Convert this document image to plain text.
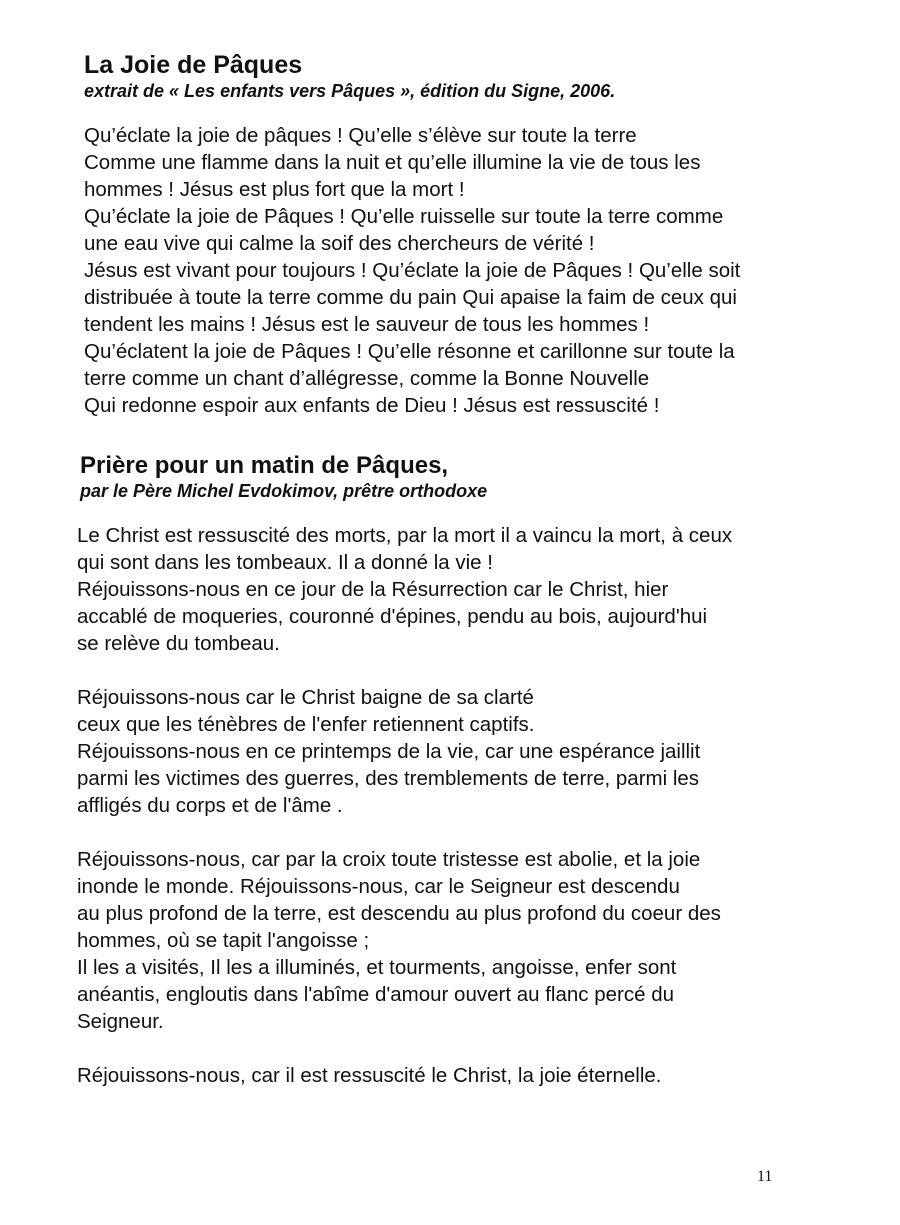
La Joie de Pâques
extrait de « Les enfants vers Pâques », édition du Signe, 2006.
Qu’éclate la joie de pâques ! Qu’elle s’élève sur toute la terre
Comme une flamme dans la nuit et qu’elle illumine la vie de tous les
hommes ! Jésus est plus fort que la mort !
Qu’éclate la joie de Pâques ! Qu’elle ruisselle sur toute la terre comme
une eau vive qui calme la soif des chercheurs de vérité !
Jésus est vivant pour toujours ! Qu’éclate la joie de Pâques ! Qu’elle soit
distribuée à toute la terre comme du pain Qui apaise la faim de ceux qui
tendent les mains ! Jésus est le sauveur de tous les hommes !
Qu’éclatent la joie de Pâques ! Qu’elle résonne et carillonne sur toute la
terre comme un chant d’allégresse, comme la Bonne Nouvelle
Qui redonne espoir aux enfants de Dieu ! Jésus est ressuscité !
Prière pour un matin de Pâques,
par le Père Michel Evdokimov, prêtre orthodoxe
Le Christ est ressuscité des morts, par la mort il a vaincu la mort, à ceux
qui sont dans les tombeaux. Il a donné la vie !
Réjouissons-nous en ce jour de la Résurrection car le Christ, hier
accablé de moqueries, couronné d'épines, pendu au bois, aujourd'hui
se relève du tombeau.
Réjouissons-nous car le Christ baigne de sa clarté
ceux que les ténèbres de l'enfer retiennent captifs.
Réjouissons-nous en ce printemps de la vie, car une espérance jaillit
parmi les victimes des guerres, des tremblements de terre, parmi les
affligés du corps et de l'âme .
Réjouissons-nous, car par la croix toute tristesse est abolie, et la joie
inonde le monde. Réjouissons-nous, car le Seigneur est descendu
au plus profond de la terre, est descendu au plus profond du coeur des
hommes, où se tapit l'angoisse ;
Il les a visités, Il les a illuminés, et tourments, angoisse, enfer sont
anéantis, engloutis dans l'abîme d'amour ouvert au flanc percé du
Seigneur.
Réjouissons-nous, car il est ressuscité le Christ, la joie éternelle.
11
